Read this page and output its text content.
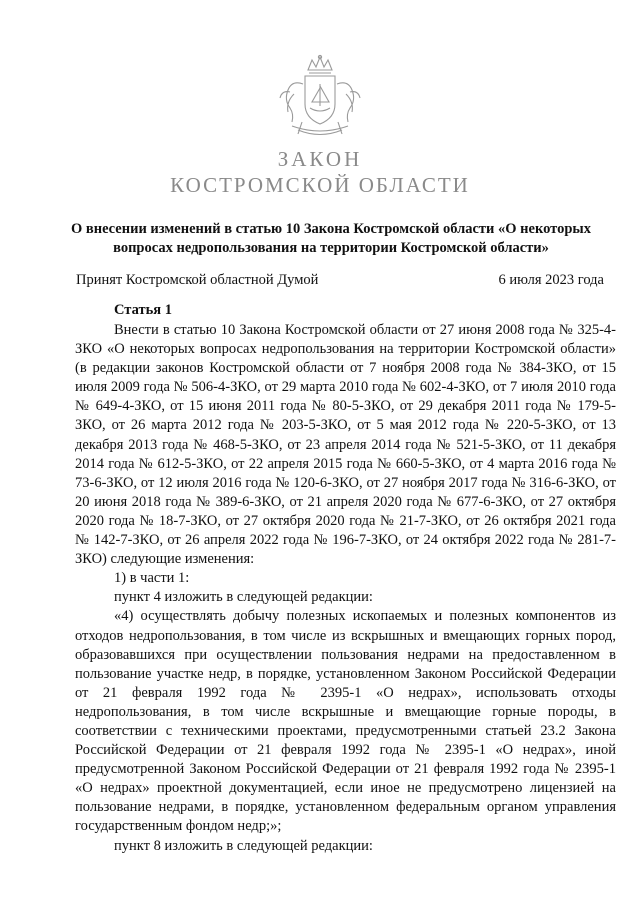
ЗАКОН
КОСТРОМСКОЙ ОБЛАСТИ
О внесении изменений в статью 10 Закона Костромской области «О некоторых вопросах недропользования на территории Костромской области»
Принят Костромской областной Думой	6 июля 2023 года
Статья 1

Внести в статью 10 Закона Костромской области от 27 июня 2008 года № 325-4-ЗКО «О некоторых вопросах недропользования на территории Костромской области» (в редакции законов Костромской области от 7 ноября 2008 года № 384-ЗКО, от 15 июля 2009 года № 506-4-ЗКО, от 29 марта 2010 года № 602-4-ЗКО, от 7 июля 2010 года № 649-4-ЗКО, от 15 июня 2011 года № 80-5-ЗКО, от 29 декабря 2011 года № 179-5-ЗКО, от 26 марта 2012 года № 203-5-ЗКО, от 5 мая 2012 года № 220-5-ЗКО, от 13 декабря 2013 года № 468-5-ЗКО, от 23 апреля 2014 года № 521-5-ЗКО, от 11 декабря 2014 года № 612-5-ЗКО, от 22 апреля 2015 года № 660-5-ЗКО, от 4 марта 2016 года № 73-6-ЗКО, от 12 июля 2016 года № 120-6-ЗКО, от 27 ноября 2017 года № 316-6-ЗКО, от 20 июня 2018 года № 389-6-ЗКО, от 21 апреля 2020 года № 677-6-ЗКО, от 27 октября 2020 года № 18-7-ЗКО, от 27 октября 2020 года № 21-7-ЗКО, от 26 октября 2021 года № 142-7-ЗКО, от 26 апреля 2022 года № 196-7-ЗКО, от 24 октября 2022 года № 281-7-ЗКО) следующие изменения:

1) в части 1:

пункт 4 изложить в следующей редакции:

«4) осуществлять добычу полезных ископаемых и полезных компонентов из отходов недропользования, в том числе из вскрышных и вмещающих горных пород, образовавшихся при осуществлении пользования недрами на предоставленном в пользование участке недр, в порядке, установленном Законом Российской Федерации от 21 февраля 1992 года № 2395-1 «О недрах», использовать отходы недропользования, в том числе вскрышные и вмещающие горные породы, в соответствии с техническими проектами, предусмотренными статьей 23.2 Закона Российской Федерации от 21 февраля 1992 года № 2395-1 «О недрах», иной предусмотренной Законом Российской Федерации от 21 февраля 1992 года № 2395-1 «О недрах» проектной документацией, если иное не предусмотрено лицензией на пользование недрами, в порядке, установленном федеральным органом управления государственным фондом недр;»;

пункт 8 изложить в следующей редакции:
